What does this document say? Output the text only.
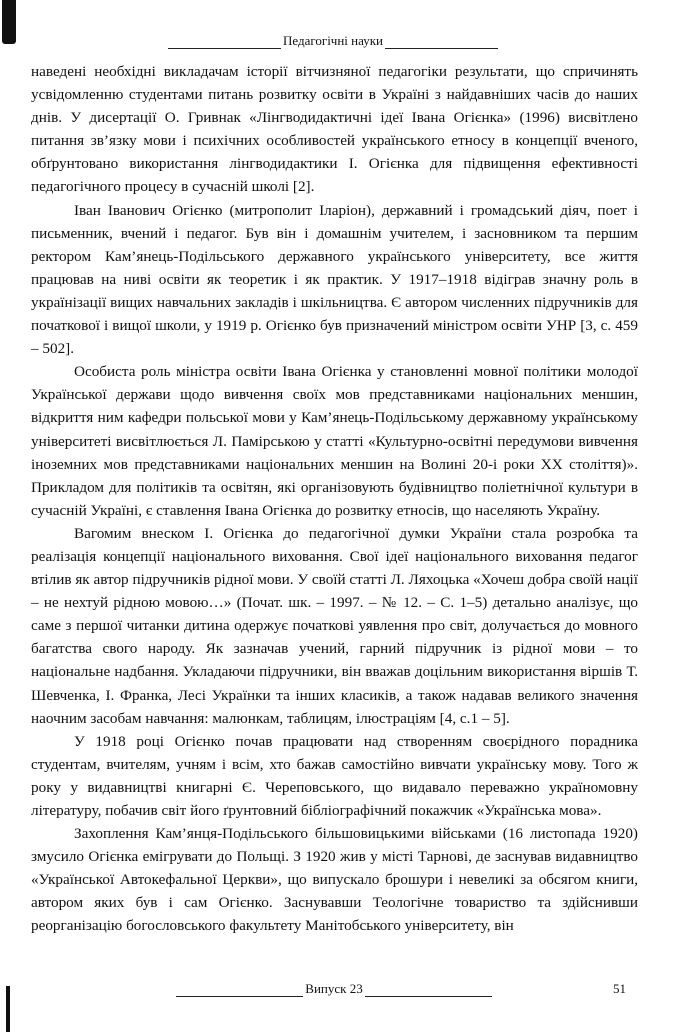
Педагогічні науки

наведені необхідні викладачам історії вітчизняної педагогіки результати, що спричинять усвідомленню студентами питань розвитку освіти в Україні з найдавніших часів до наших днів. У дисертації О. Гривнак «Лінгводидактичні ідеї Івана Огієнка» (1996) висвітлено питання зв’язку мови і психічних особливостей українського етносу в концепції вченого, обґрунтовано використання лінгводидактики І. Огієнка для підвищення ефективності педагогічного процесу в сучасній школі [2].

Іван Іванович Огієнко (митрополит Іларіон), державний і громадський діяч, поет і письменник, вчений і педагог. Був він і домашнім учителем, і засновником та першим ректором Кам’янець-Подільського державного українського університету, все життя працював на ниві освіти як теоретик і як практик. У 1917–1918 відіграв значну роль в українізації вищих навчальних закладів і шкільництва. Є автором численних підручників для початкової і вищої школи, у 1919 р. Огієнко був призначений міністром освіти УНР [3, с. 459 – 502].

Особиста роль міністра освіти Івана Огієнка у становленні мовної політики молодої Української держави щодо вивчення своїх мов представниками національних меншин, відкриття ним кафедри польської мови у Кам’янець-Подільському державному українському університеті висвітлюється Л. Памірською у статті «Культурно-освітні передумови вивчення іноземних мов представниками національних меншин на Волині 20-і роки XX століття)». Прикладом для політиків та освітян, які організовують будівництво поліетнічної культури в сучасній Україні, є ставлення Івана Огієнка до розвитку етносів, що населяють Україну.

Вагомим внеском І. Огієнка до педагогічної думки України стала розробка та реалізація концепції національного виховання. Свої ідеї національного виховання педагог втілив як автор підручників рідної мови. У своїй статті Л. Ляхоцька «Хочеш добра своїй нації – не нехтуй рідною мовою…» (Почат. шк. – 1997. – № 12. – С. 1–5) детально аналізує, що саме з першої читанки дитина одержує початкові уявлення про світ, долучається до мовного багатства свого народу. Як зазначав учений, гарний підручник із рідної мови – то національне надбання. Укладаючи підручники, він вважав доцільним використання віршів Т. Шевченка, І. Франка, Лесі Українки та інших класиків, а також надавав великого значення наочним засобам навчання: малюнкам, таблицям, ілюстраціям [4, с.1 – 5].

У 1918 році Огієнко почав працювати над створенням своєрідного порадника студентам, вчителям, учням і всім, хто бажав самостійно вивчати українську мову. Того ж року у видавництві книгарні Є. Череповського, що видавало переважно україномовну літературу, побачив світ його ґрунтовний бібліографічний покажчик «Українська мова».

Захоплення Кам’янця-Подільського більшовицькими військами (16 листопада 1920) змусило Огієнка емігрувати до Польщі. З 1920 жив у місті Тарнові, де заснував видавництво «Української Автокефальної Церкви», що випускало брошури і невеликі за обсягом книги, автором яких був і сам Огієнко. Заснувавши Теологічне товариство та здійснивши реорганізацію богословського факультету Манітобського університету, він

Випуск 23	51
